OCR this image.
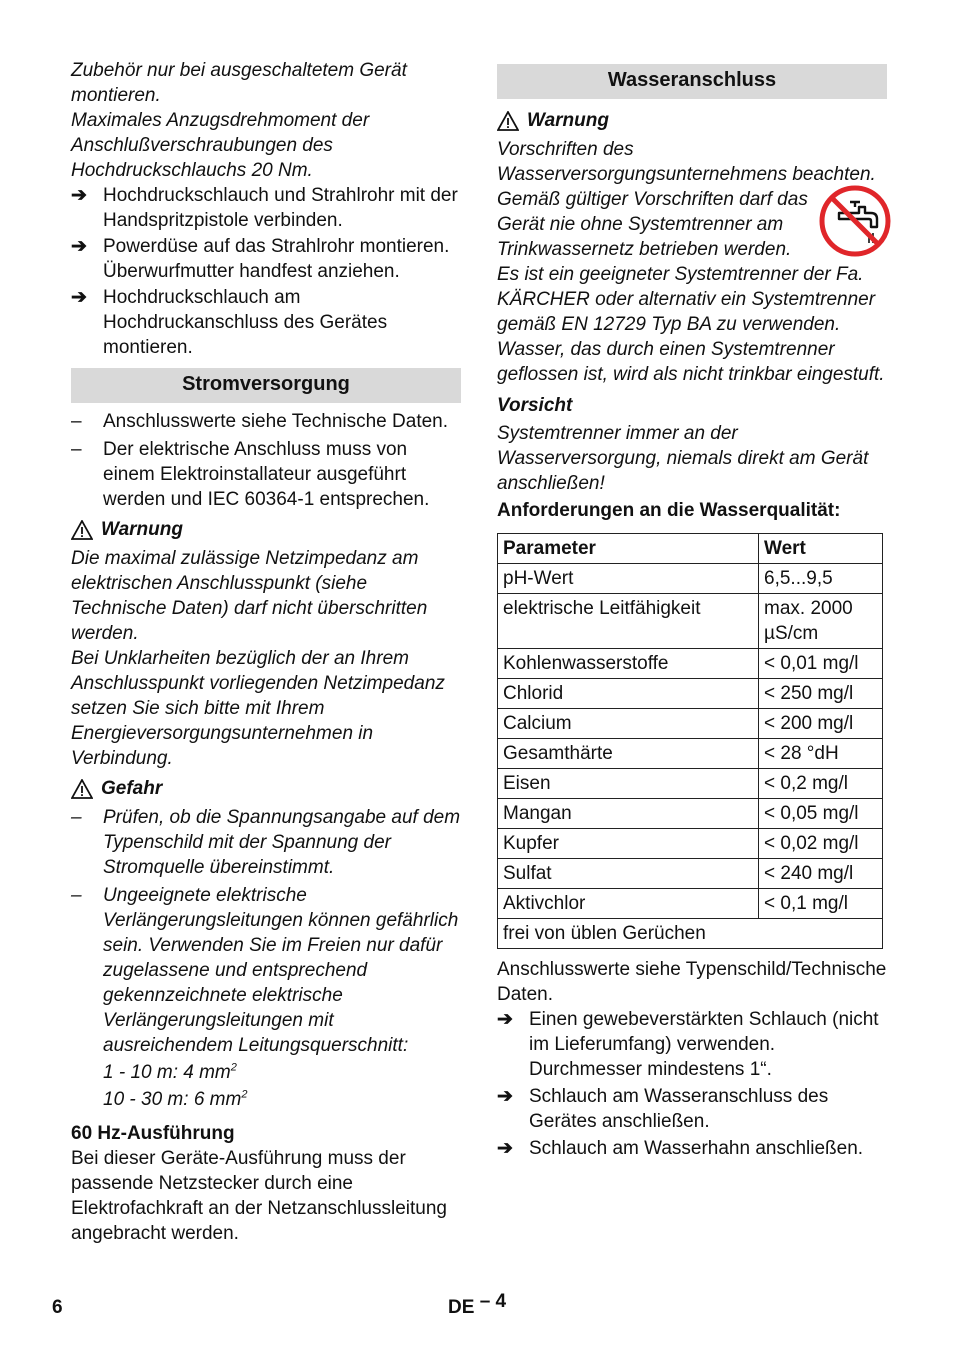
Zubehör nur bei ausgeschaltetem Gerät montieren.

Maximales Anzugsdrehmoment der Anschlußverschraubungen des Hochdruckschlauchs 20 Nm.

➔ Hochdruckschlauch und Strahlrohr mit der Handspritzpistole verbinden.
➔ Powerdüse auf das Strahlrohr montieren. Überwurfmutter handfest anziehen.
➔ Hochdruckschlauch am Hochdruckanschluss des Gerätes montieren.
Stromversorgung
– Anschlusswerte siehe Technische Daten.
– Der elektrische Anschluss muss von einem Elektroinstallateur ausgeführt werden und IEC 60364-1 entsprechen.
Warnung

Die maximal zulässige Netzimpedanz am elektrischen Anschlusspunkt (siehe Technische Daten) darf nicht überschritten werden.

Bei Unklarheiten bezüglich der an Ihrem Anschlusspunkt vorliegenden Netzimpedanz setzen Sie sich bitte mit Ihrem Energieversorgungsunternehmen in Verbindung.

Gefahr
– Prüfen, ob die Spannungsangabe auf dem Typenschild mit der Spannung der Stromquelle übereinstimmt.
– Ungeeignete elektrische Verlängerungsleitungen können gefährlich sein. Verwenden Sie im Freien nur dafür zugelassene und entsprechend gekennzeichnete elektrische Verlängerungsleitungen mit ausreichendem Leitungsquerschnitt:

1 - 10 m: 4 $mm^2$

10 - 30 m: 6 $mm^2$

60 Hz-Ausführung

Bei dieser Geräte-Ausführung muss der passende Netzstecker durch eine Elektrofachkraft an der Netzanschlussleitung angebracht werden.

Wasseranschluss
Warnung

Vorschriften des Wasserversorgungsunternehmens beachten.

Gemäß gültiger Vorschriften darf das Gerät nie ohne Systemtrenner am Trinkwassernetz betrieben werden. Es ist ein geeigneter Systemtrenner der Fa. KÄRCHER oder alternativ ein Systemtrenner gemäß EN 12729 Typ BA zu verwenden. Wasser, das durch einen Systemtrenner geflossen ist, wird als nicht trinkbar eingestuft.

Vorsicht

Systemtrenner immer an der Wasserversorgung, niemals direkt am Gerät anschließen!

Anforderungen an die Wasserqualität:

Parameter	Wert
pH-Wert	6,5...9,5
elektrische Leitfähigkeit	max. 2000 µS/cm
Kohlenwasserstoffe	< 0,01 mg/l
Chlorid	< 250 mg/l
Calcium	< 200 mg/l
Gesamthärte	< 28 °dH
Eisen	< 0,2 mg/l
Mangan	< 0,05 mg/l
Kupfer	< 0,02 mg/l
Sulfat	< 240 mg/l
Aktivchlor	< 0,1 mg/l
frei von üblen Gerüchen	

Anschlusswerte siehe Typenschild/Technische Daten.

➔ Einen gewebeverstärkten Schlauch (nicht im Lieferumfang) verwenden. Durchmesser mindestens 1“.
➔ Schlauch am Wasseranschluss des Gerätes anschließen.
➔ Schlauch am Wasserhahn anschließen.
6	DE – 4
